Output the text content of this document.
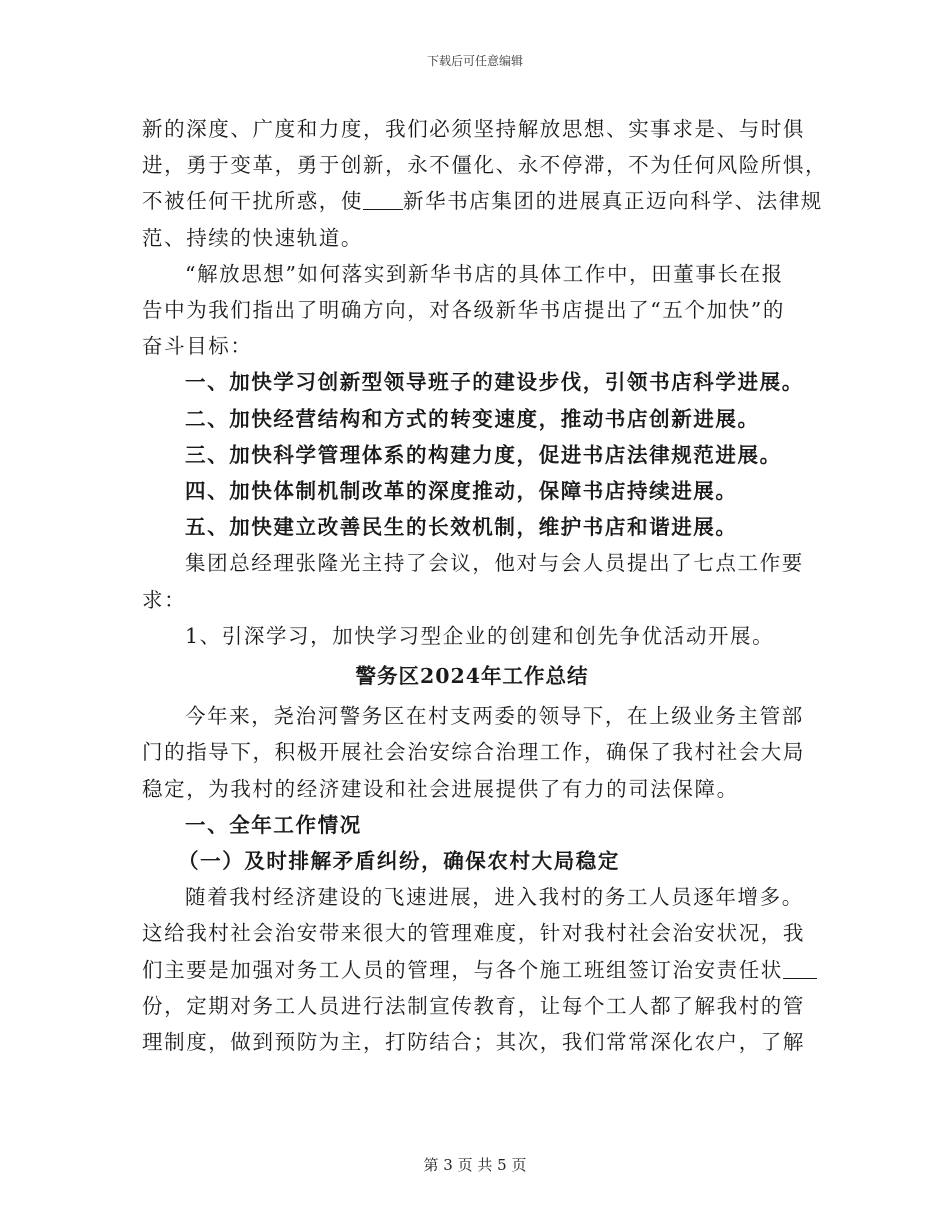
下载后可任意编辑

新的深度、广度和力度，我们必须坚持解放思想、实事求是、与时俱
进，勇于变革，勇于创新，永不僵化、永不停滞，不为任何风险所惧，
不被任何干扰所惑，使 新华书店集团的进展真正迈向科学、法律规
范、持续的快速轨道。

“解放思想”如何落实到新华书店的具体工作中，田董事长在报
告中为我们指出了明确方向，对各级新华书店提出了“五个加快”的
奋斗目标：

一、加快学习创新型领导班子的建设步伐，引领书店科学进展。
二、加快经营结构和方式的转变速度，推动书店创新进展。
三、加快科学管理体系的构建力度，促进书店法律规范进展。
四、加快体制机制改革的深度推动，保障书店持续进展。
五、加快建立改善民生的长效机制，维护书店和谐进展。

集团总经理张隆光主持了会议，他对与会人员提出了七点工作要
求：

1、引深学习，加快学习型企业的创建和创先争优活动开展。

警务区2024年工作总结

今年来，尧治河警务区在村支两委的领导下，在上级业务主管部
门的指导下，积极开展社会治安综合治理工作，确保了我村社会大局
稳定，为我村的经济建设和社会进展提供了有力的司法保障。

一、全年工作情况

（一）及时排解矛盾纠纷，确保农村大局稳定

随着我村经济建设的飞速进展，进入我村的务工人员逐年增多。
这给我村社会治安带来很大的管理难度，针对我村社会治安状况，我
们主要是加强对务工人员的管理，与各个施工班组签订治安责任状
份，定期对务工人员进行法制宣传教育，让每个工人都了解我村的管
理制度，做到预防为主，打防结合；其次，我们常常深化农户，了解

第 3 页 共 5 页
